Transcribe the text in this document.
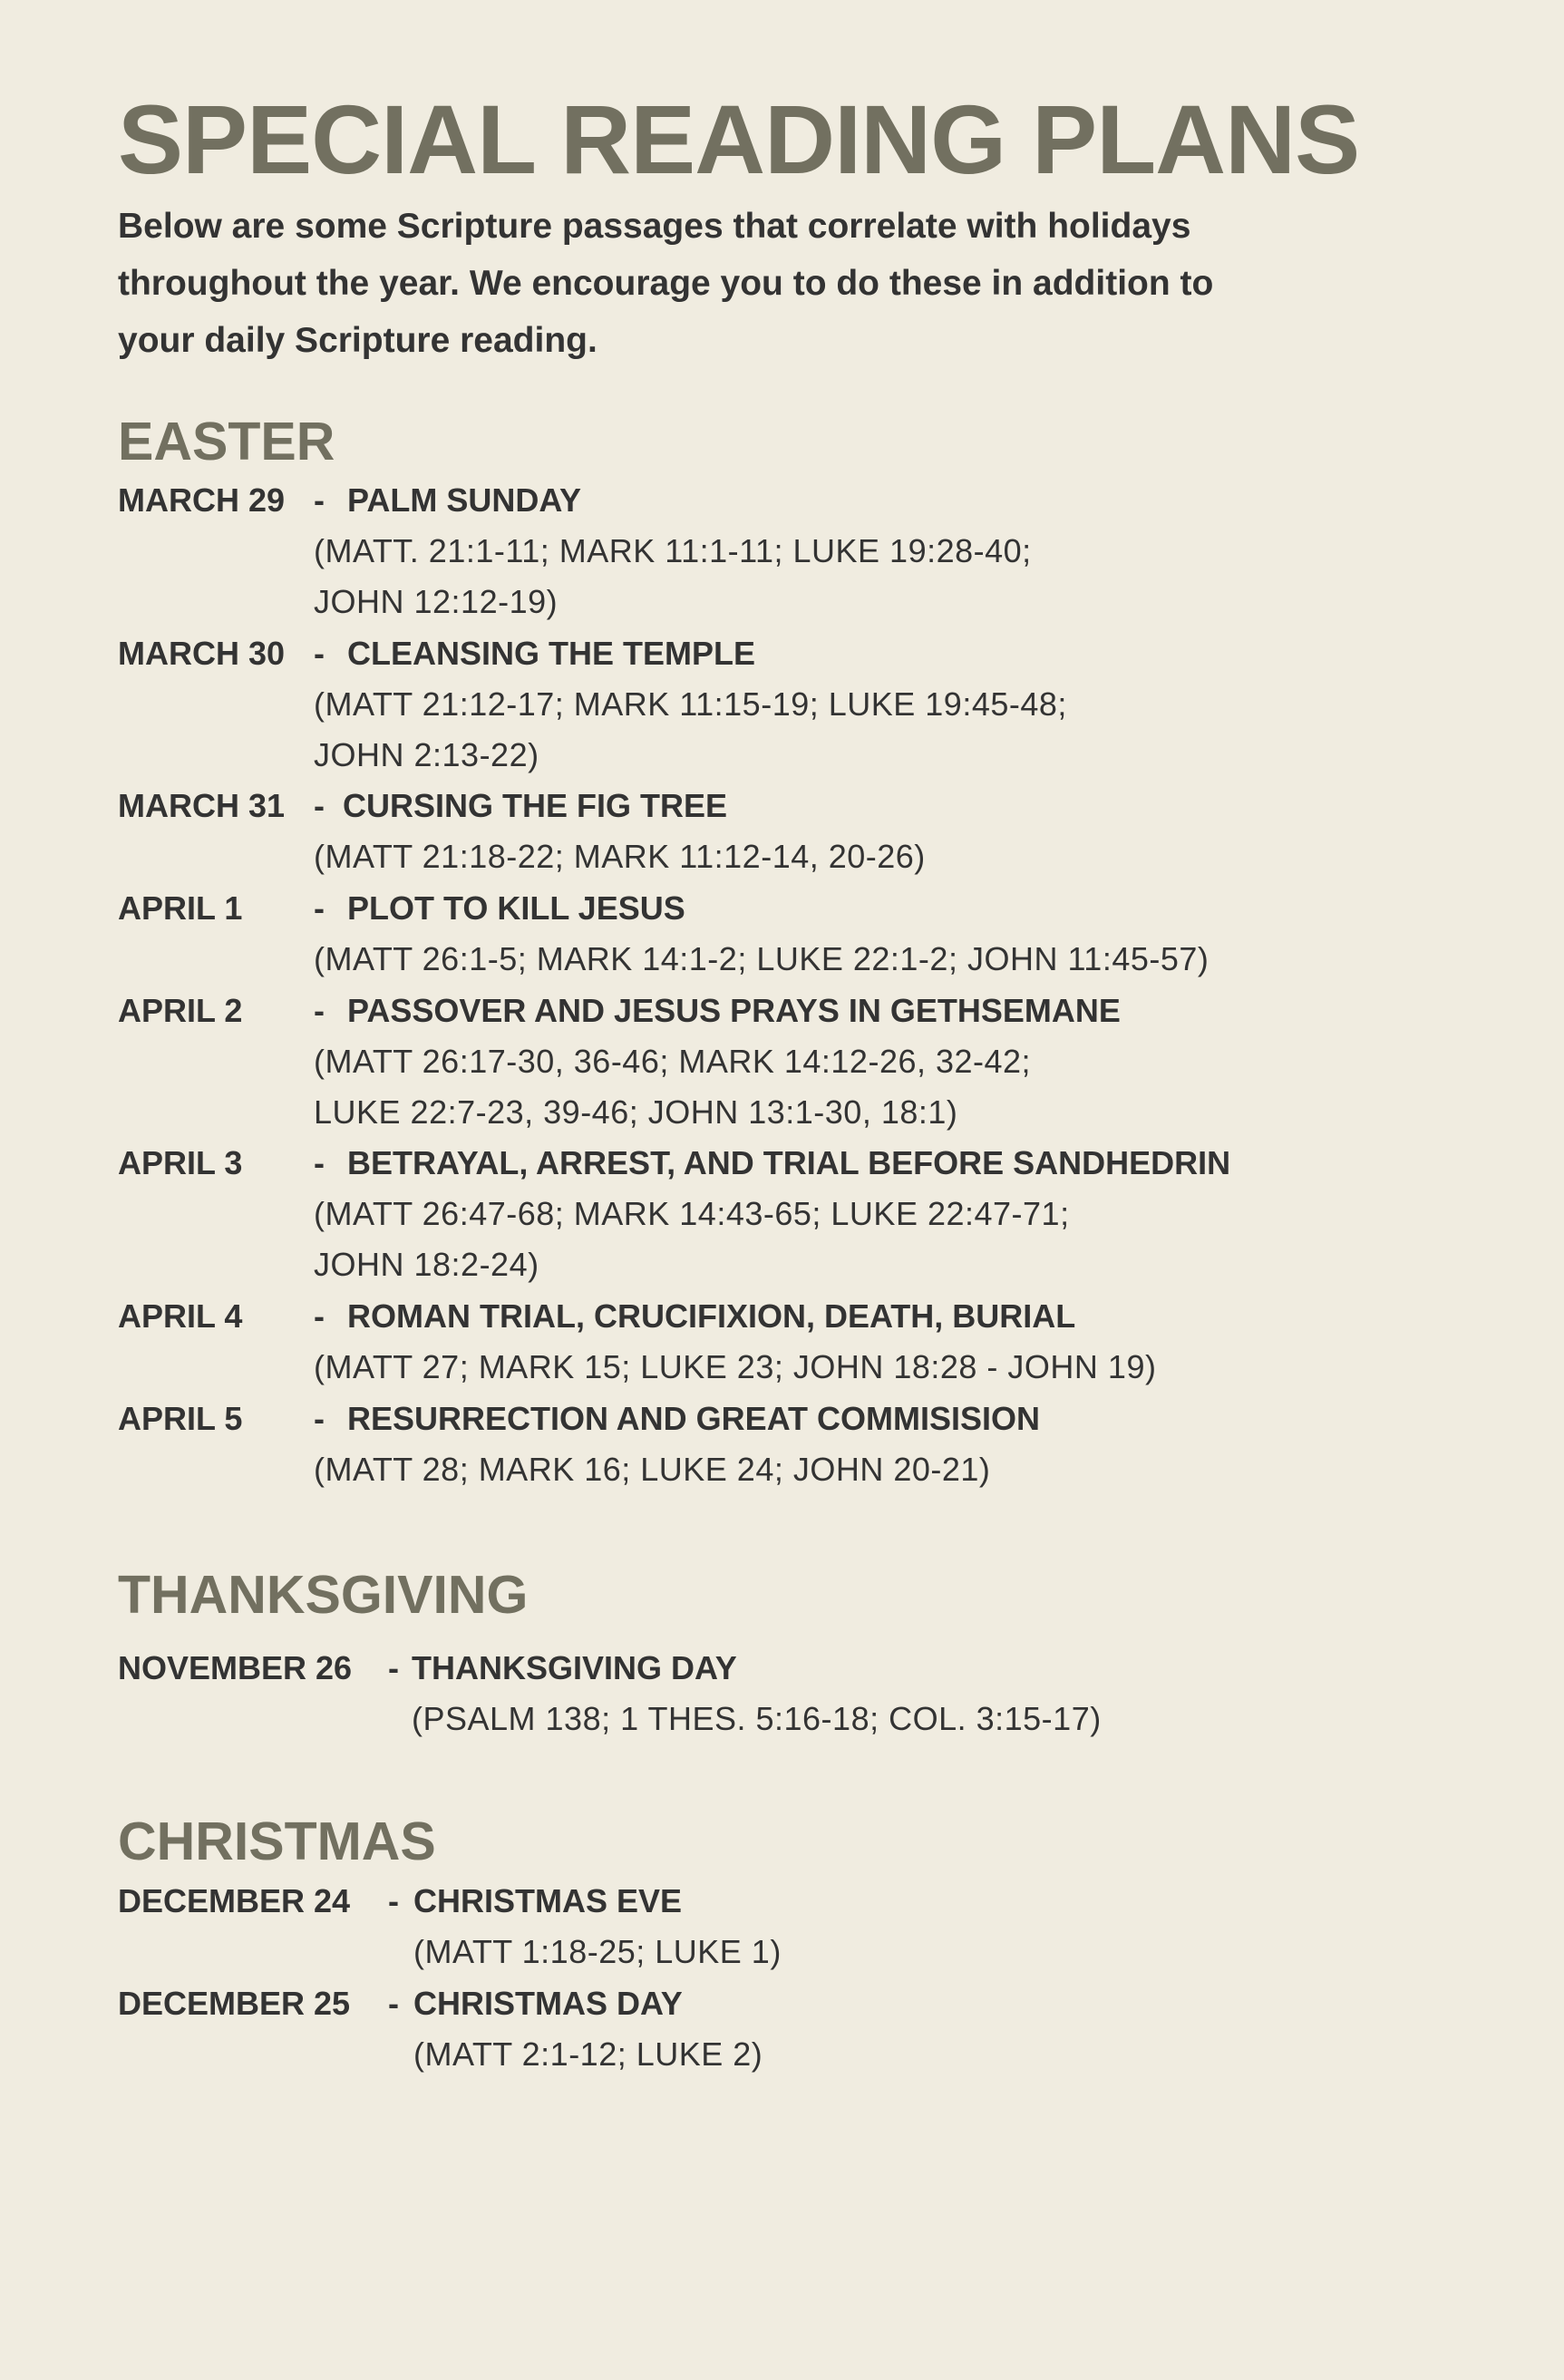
SPECIAL READING PLANS

Below are some Scripture passages that correlate with holidays throughout the year. We encourage you to do these in addition to your daily Scripture reading.

EASTER
MARCH 29 - PALM SUNDAY
(MATT. 21:1-11; MARK 11:1-11; LUKE 19:28-40;
JOHN 12:12-19)
MARCH 30 - CLEANSING THE TEMPLE
(MATT 21:12-17; MARK 11:15-19; LUKE 19:45-48;
JOHN 2:13-22)
MARCH 31 - CURSING THE FIG TREE
(MATT 21:18-22; MARK 11:12-14, 20-26)
APRIL 1 - PLOT TO KILL JESUS
(MATT 26:1-5; MARK 14:1-2; LUKE 22:1-2; JOHN 11:45-57)
APRIL 2 - PASSOVER AND JESUS PRAYS IN GETHSEMANE
(MATT 26:17-30, 36-46; MARK 14:12-26, 32-42;
LUKE 22:7-23, 39-46; JOHN 13:1-30, 18:1)
APRIL 3 - BETRAYAL, ARREST, AND TRIAL BEFORE SANDHEDRIN
(MATT 26:47-68; MARK 14:43-65; LUKE 22:47-71;
JOHN 18:2-24)
APRIL 4 - ROMAN TRIAL, CRUCIFIXION, DEATH, BURIAL
(MATT 27; MARK 15; LUKE 23; JOHN 18:28 - JOHN 19)
APRIL 5 - RESURRECTION AND GREAT COMMISISION
(MATT 28; MARK 16; LUKE 24; JOHN 20-21)
THANKSGIVING
NOVEMBER 26 - THANKSGIVING DAY
(PSALM 138; 1 THES. 5:16-18; COL. 3:15-17)
CHRISTMAS
DECEMBER 24 - CHRISTMAS EVE
(MATT 1:18-25; LUKE 1)
DECEMBER 25 - CHRISTMAS DAY
(MATT 2:1-12; LUKE 2)
